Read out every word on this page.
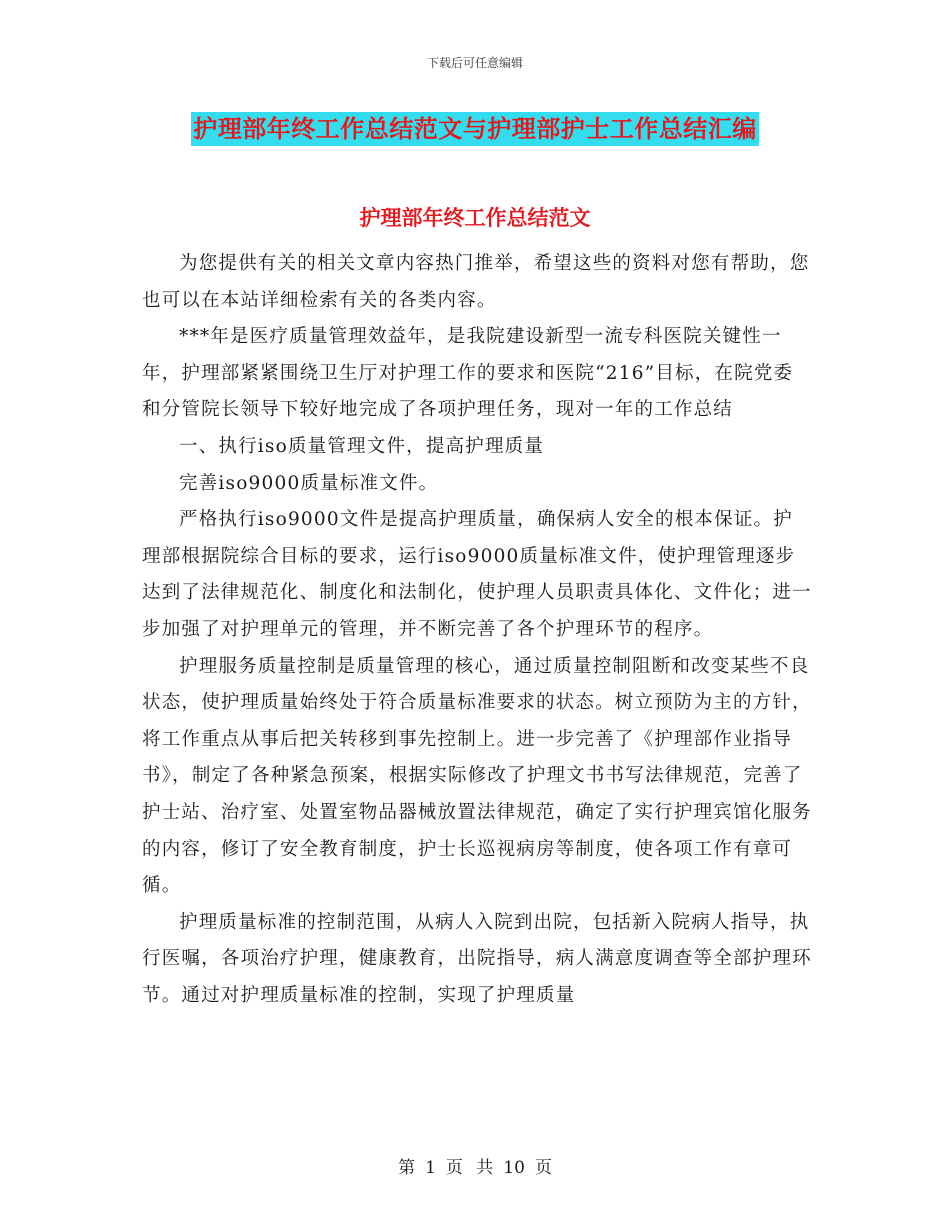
下载后可任意编辑
护理部年终工作总结范文与护理部护士工作总结汇编
护理部年终工作总结范文

为您提供有关的相关文章内容热门推举，希望这些的资料对您有帮助，您也可以在本站详细检索有关的各类内容。

***年是医疗质量管理效益年，是我院建设新型一流专科医院关键性一年，护理部紧紧围绕卫生厅对护理工作的要求和医院“216”目标，在院党委和分管院长领导下较好地完成了各项护理任务，现对一年的工作总结

一、执行iso质量管理文件，提高护理质量

完善iso9000质量标准文件。

严格执行iso9000文件是提高护理质量，确保病人安全的根本保证。护理部根据院综合目标的要求，运行iso9000质量标准文件，使护理管理逐步达到了法律规范化、制度化和法制化，使护理人员职责具体化、文件化；进一步加强了对护理单元的管理，并不断完善了各个护理环节的程序。

护理服务质量控制是质量管理的核心，通过质量控制阻断和改变某些不良状态，使护理质量始终处于符合质量标准要求的状态。树立预防为主的方针，将工作重点从事后把关转移到事先控制上。进一步完善了《护理部作业指导书》，制定了各种紧急预案，根据实际修改了护理文书书写法律规范，完善了护士站、治疗室、处置室物品器械放置法律规范，确定了实行护理宾馆化服务的内容，修订了安全教育制度，护士长巡视病房等制度，使各项工作有章可循。

护理质量标准的控制范围，从病人入院到出院，包括新入院病人指导，执行医嘱，各项治疗护理，健康教育，出院指导，病人满意度调查等全部护理环节。通过对护理质量标准的控制，实现了护理质量

第 1 页 共 10 页
